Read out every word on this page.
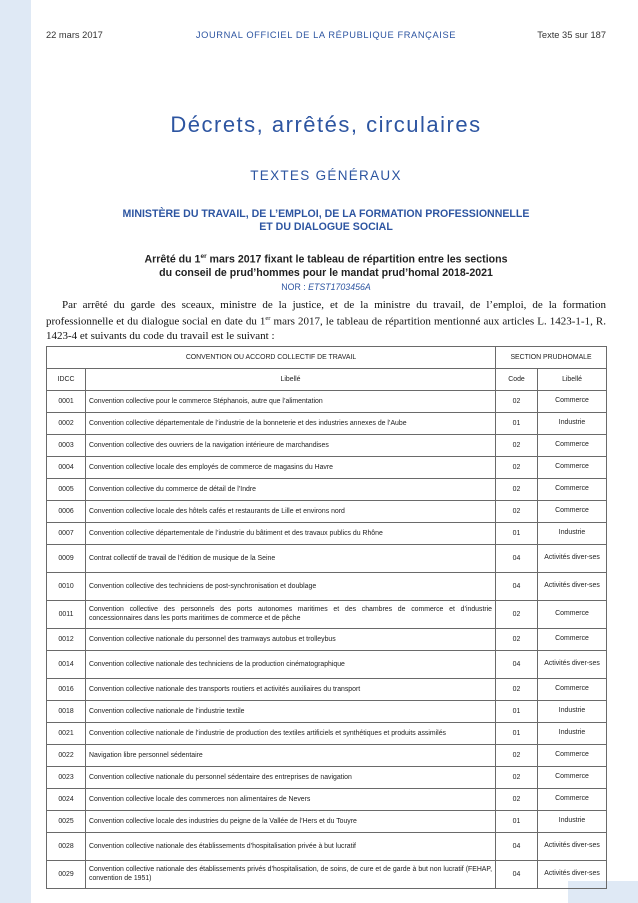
22 mars 2017	JOURNAL OFFICIEL DE LA RÉPUBLIQUE FRANÇAISE	Texte 35 sur 187
Décrets, arrêtés, circulaires
TEXTES GÉNÉRAUX
MINISTÈRE DU TRAVAIL, DE L’EMPLOI, DE LA FORMATION PROFESSIONNELLE
ET DU DIALOGUE SOCIAL
Arrêté du 1er mars 2017 fixant le tableau de répartition entre les sections
du conseil de prud’hommes pour le mandat prud’homal 2018-2021
NOR : ETST1703456A

Par arrêté du garde des sceaux, ministre de la justice, et de la ministre du travail, de l’emploi, de la formation professionnelle et du dialogue social en date du 1er mars 2017, le tableau de répartition mentionné aux articles L. 1423-1-1, R. 1423-4 et suivants du code du travail est le suivant :

CONVENTION OU ACCORD COLLECTIF DE TRAVAIL		SECTION PRUDHOMALE	
IDCC	Libellé	Code	Libellé
0001	Convention collective pour le commerce Stéphanois, autre que l’alimentation	02	Commerce
0002	Convention collective départementale de l’industrie de la bonneterie et des industries annexes de l’Aube	01	Industrie
0003	Convention collective des ouvriers de la navigation intérieure de marchandises	02	Commerce
0004	Convention collective locale des employés de commerce de magasins du Havre	02	Commerce
0005	Convention collective du commerce de détail de l’Indre	02	Commerce
0006	Convention collective locale des hôtels cafés et restaurants de Lille et environs nord	02	Commerce
0007	Convention collective départementale de l’industrie du bâtiment et des travaux publics du Rhône	01	Industrie
0009	Contrat collectif de travail de l’édition de musique de la Seine	04	Activités diver-ses
0010	Convention collective des techniciens de post-synchronisation et doublage	04	Activités diver-ses
0011	Convention collective des personnels des ports autonomes maritimes et des chambres de commerce et d’industrie concessionnaires dans les ports maritimes de commerce et de pêche	02	Commerce
0012	Convention collective nationale du personnel des tramways autobus et trolleybus	02	Commerce
0014	Convention collective nationale des techniciens de la production cinématographique	04	Activités diver-ses
0016	Convention collective nationale des transports routiers et activités auxiliaires du transport	02	Commerce
0018	Convention collective nationale de l’industrie textile	01	Industrie
0021	Convention collective nationale de l’industrie de production des textiles artificiels et synthétiques et produits assimilés	01	Industrie
0022	Navigation libre personnel sédentaire	02	Commerce
0023	Convention collective nationale du personnel sédentaire des entreprises de navigation	02	Commerce
0024	Convention collective locale des commerces non alimentaires de Nevers	02	Commerce
0025	Convention collective locale des industries du peigne de la Vallée de l’Hers et du Touyre	01	Industrie
0028	Convention collective nationale des établissements d’hospitalisation privée à but lucratif	04	Activités diver-ses
0029	Convention collective nationale des établissements privés d’hospitalisation, de soins, de cure et de garde à but non lucratif (FEHAP, convention de 1951)	04	Activités diver-ses
